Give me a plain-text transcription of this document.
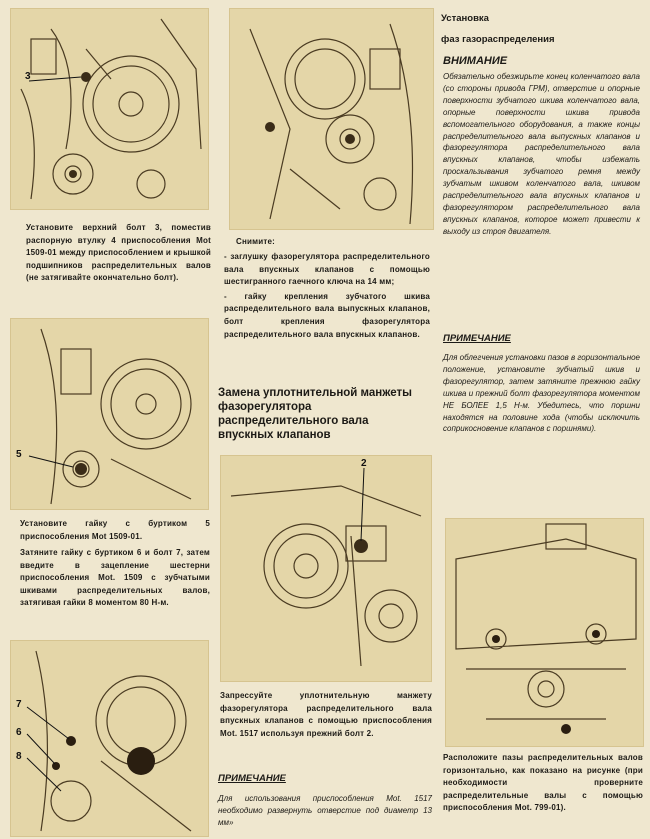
3
5
2
7
6
8

Установите верхний болт 3, поместив распорную втулку 4 приспособления Mot 1509-01 между приспособлением и крышкой подшипников распределительных валов (не затягивайте окончательно болт).

Установите гайку с буртиком 5 приспособления Mot 1509-01.

Затяните гайку с буртиком 6 и болт 7, затем введите в зацепление шестерни приспособления Mot. 1509 с зубчатыми шкивами распределительных валов, затягивая гайки 8 моментом 80 Н-м.

Снимите:

- заглушку фазорегулятора распределительного вала впускных клапанов с помощью шестигранного гаечного ключа на 14 мм;
- гайку крепления зубчатого шкива распределительного вала выпускных клапанов, болт крепления фазорегулятора распределительного вала впускных клапанов.

Замена уплотнительной манжеты фазорегулятора распределительного вала впускных клапанов

Запрессуйте уплотнительную манжету фазорегулятора распределительного вала впускных клапанов с помощью приспособления Mot. 1517 используя прежний болт 2.

ПРИМЕЧАНИЕ

Для использования приспособления Mot. 1517 необходимо развернуть отверстие под диаметр 13 мм»

Установка

фаз газораспределения

ВНИМАНИЕ

Обязательно обезжирьте конец коленчатого вала (со стороны привода ГРМ), отверстие и опорные поверхности зубчатого шкива коленчатого вала, опорные поверхности шкива привода вспомогательного оборудования, а также концы распределительного вала выпускных клапанов и фазорегулятора распределительного вала впускных клапанов, чтобы избежать проскальзывания зубчатого ремня между зубчатым шкивом коленчатого вала, шкивом распределительного вала впускных клапанов и фазорегулятором распределительного вала впускных клапанов, которое может привести к выходу из строя двигателя.

ПРИМЕЧАНИЕ

Для облегчения установки пазов в горизонтальное положение, установите зубчатый шкив и фазорегулятор, затем затяните прежнюю гайку шкива и прежний болт фазорегулятора моментом НЕ БОЛЕЕ 1,5 Н-м. Убедитесь, что поршни находятся на половине хода (чтобы исключить соприкосновение клапанов с поршнями).

Расположите пазы распределительных валов горизонтально, как показано на рисунке (при необходимости проверните распределительные валы с помощью приспособления Mot. 799-01).
